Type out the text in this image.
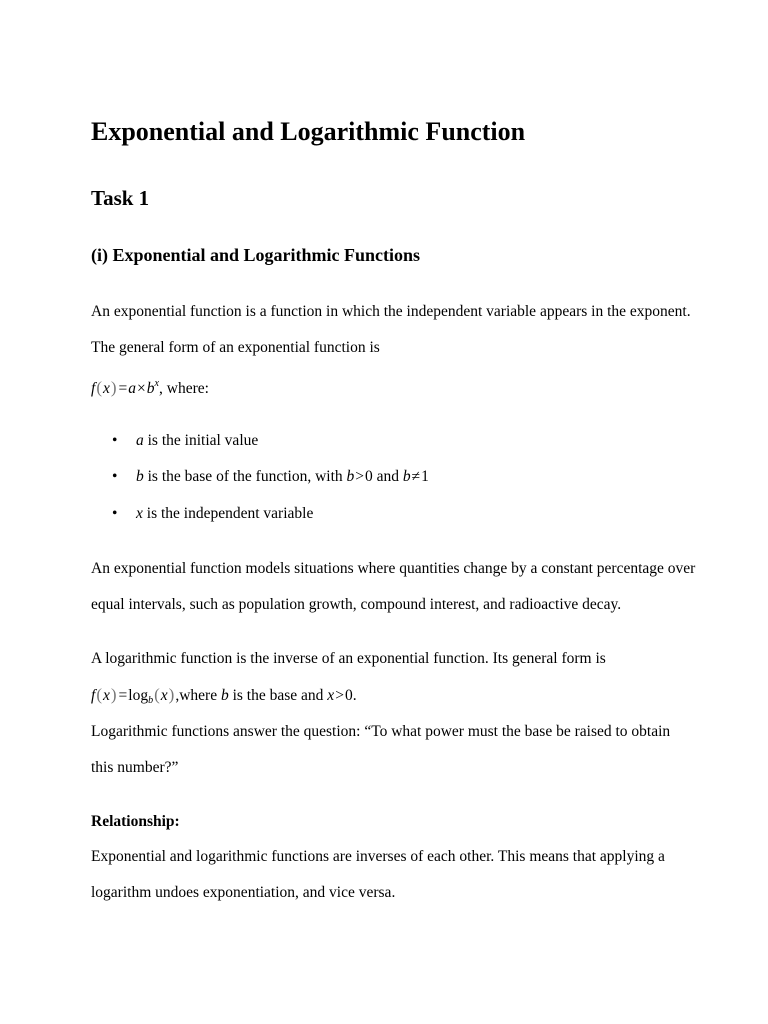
Exponential and Logarithmic Function
Task 1
(i) Exponential and Logarithmic Functions
An exponential function is a function in which the independent variable appears in the exponent.
The general form of an exponential function is
$f(x) =a\times b^x$, where:
• a is the initial value
• b is the base of the function, with b>0 and b≠1
• x is the independent variable
An exponential function models situations where quantities change by a constant percentage over
equal intervals, such as population growth, compound interest, and radioactive decay.
A logarithmic function is the inverse of an exponential function. Its general form is
$f(x) =\log_b(x),where$ b is the base and x>0.
Logarithmic functions answer the question: “To what power must the base be raised to obtain
this number?”
Relationship:
Exponential and logarithmic functions are inverses of each other. This means that applying a
logarithm undoes exponentiation, and vice versa.
